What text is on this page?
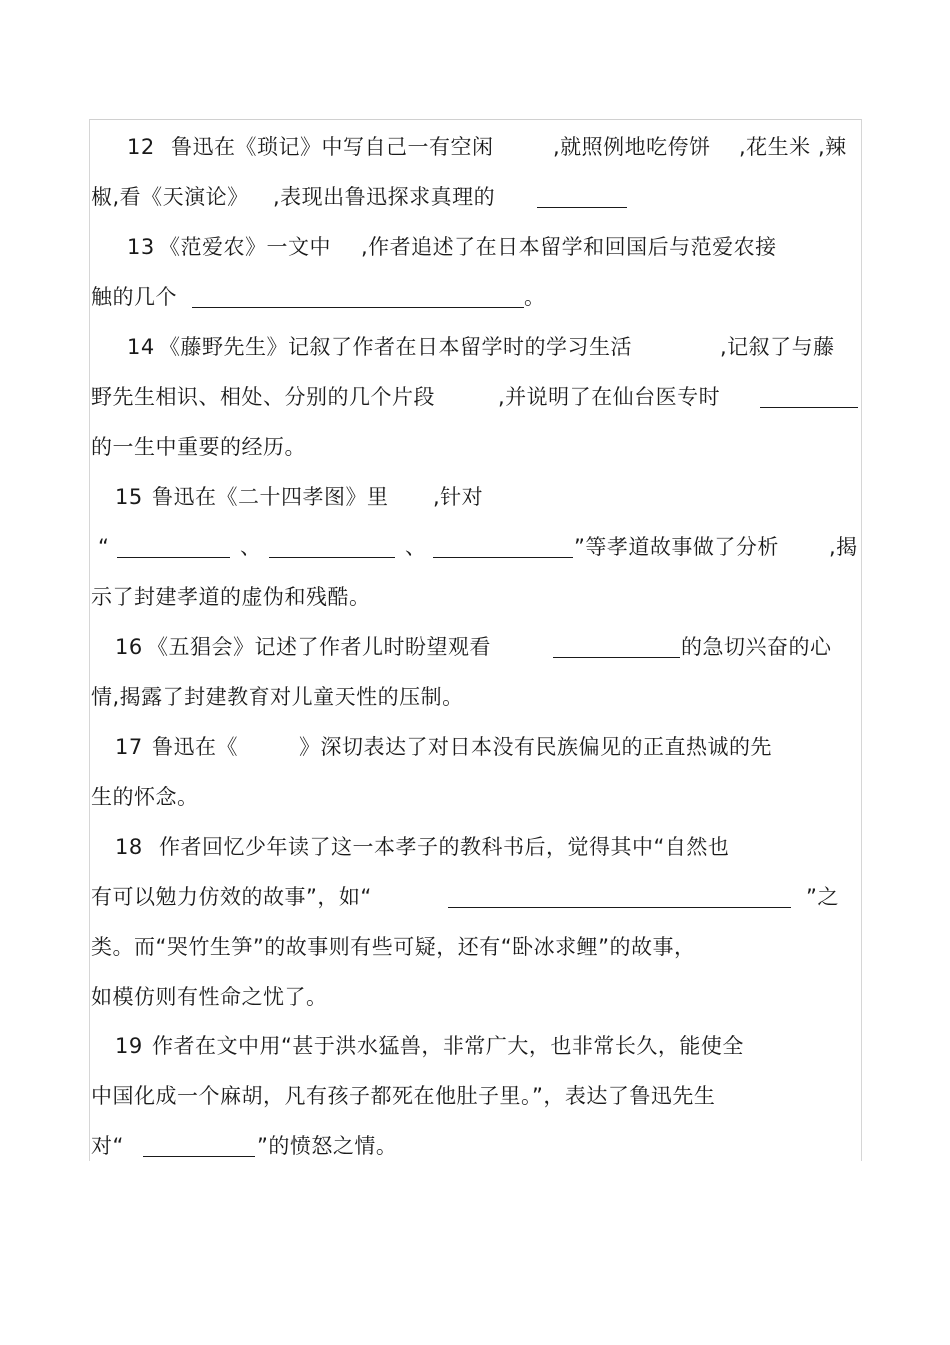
12 鲁迅在《琐记》中写自己一有空闲	,就照例地吃侉饼 ,花生米 ,辣
椒,看《天演论》 ,表现出鲁迅探求真理的
13 《范爱农》一文中 ,作者追述了在日本留学和回国后与范爱农接
触的几个	。
14 《藤野先生》记叙了作者在日本留学时的学习生活	,记叙了与藤
野先生相识、相处、分别的几个片段	,并说明了在仙台医专时
的一生中重要的经历。
15 鲁迅在《二十四孝图》里 ,针对
“	、	、	”等孝道故事做了分析 ,揭
示了封建孝道的虚伪和残酷。
16 《五猖会》记述了作者儿时盼望观看	的急切兴奋的心
情,揭露了封建教育对儿童天性的压制。
17 鲁迅在《	》深切表达了对日本没有民族偏见的正直热诚的先
生的怀念。
18 作者回忆少年读了这一本孝子的教科书后，觉得其中“自然也
有可以勉力仿效的故事”，如“	”之
类。而“哭竹生笋”的故事则有些可疑，还有“卧冰求鲤”的故事，
如模仿则有性命之忧了。
19 作者在文中用“甚于洪水猛兽，非常广大，也非常长久，能使全
中国化成一个麻胡，凡有孩子都死在他肚子里。”，表达了鲁迅先生
对“	”的愤怒之情。
